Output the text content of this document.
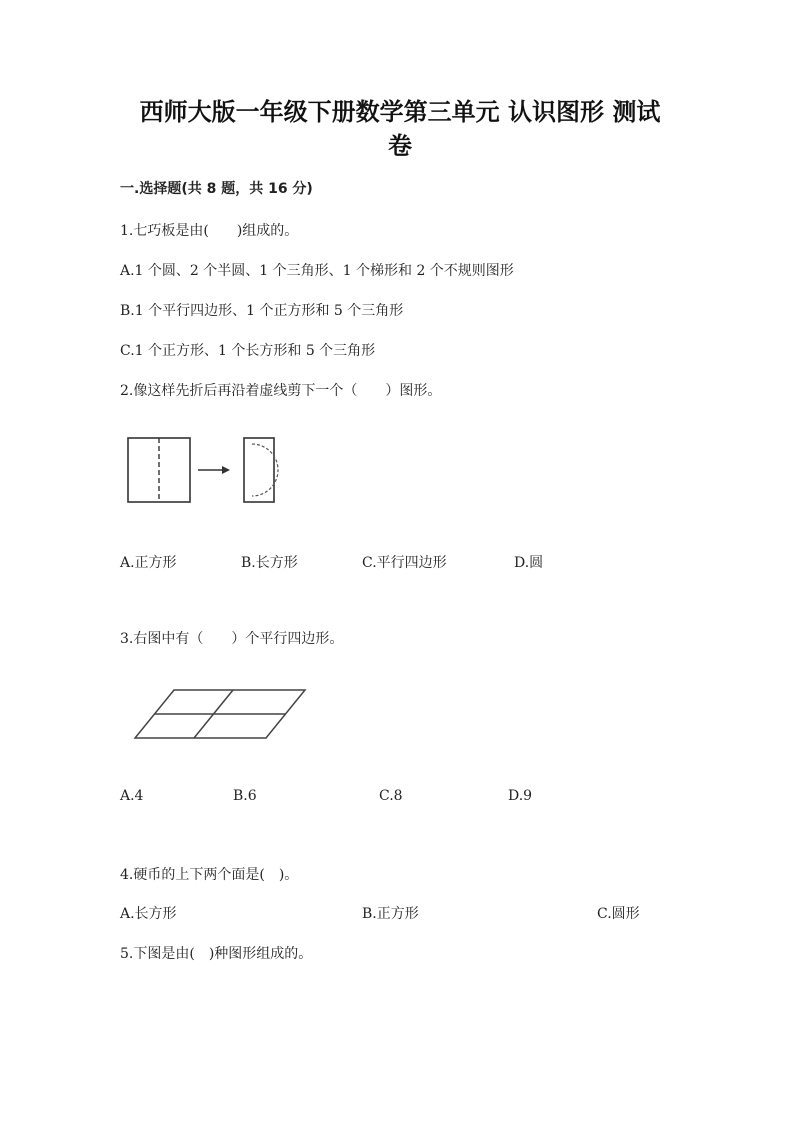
西师大版一年级下册数学第三单元 认识图形 测试
卷
一.选择题(共 8 题，共 16 分)
1.七巧板是由(　　)组成的。
A.1 个圆、2 个半圆、1 个三角形、1 个梯形和 2 个不规则图形
B.1 个平行四边形、1 个正方形和 5 个三角形
C.1 个正方形、1 个长方形和 5 个三角形
2.像这样先折后再沿着虚线剪下一个（　　）图形。
A.正方形	B.长方形	C.平行四边形	D.圆
3.右图中有（　　）个平行四边形。
A.4	B.6	C.8	D.9
4.硬币的上下两个面是(　)。
A.长方形	B.正方形	C.圆形
5.下图是由(　)种图形组成的。
